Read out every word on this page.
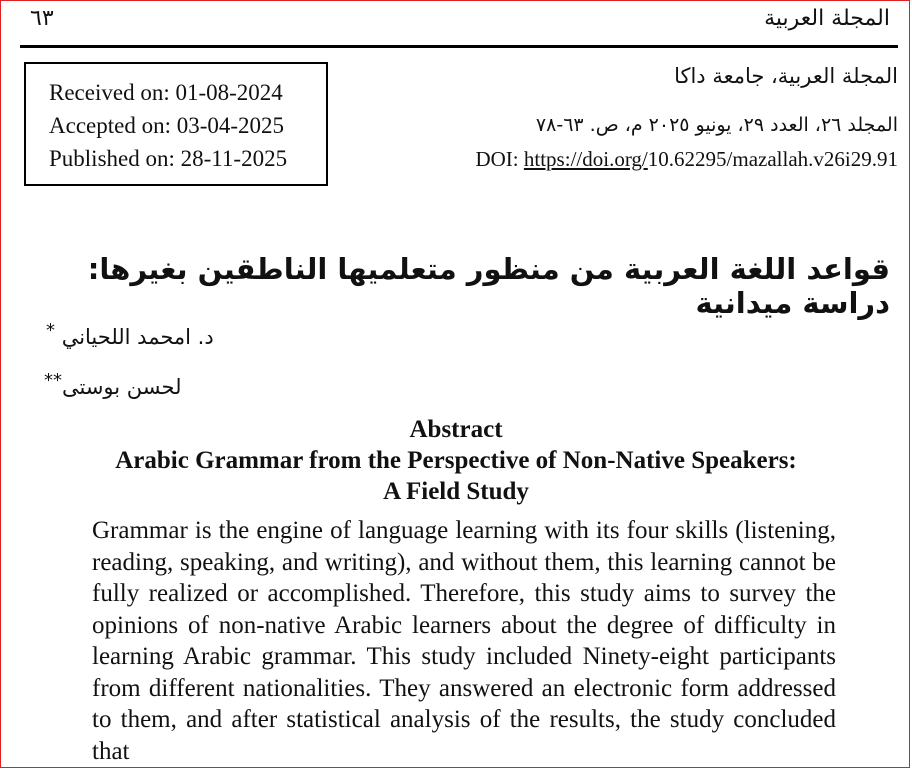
٦٣	المجلة العربية
Received on: 01-08-2024
Accepted on: 03-04-2025
Published on: 28-11-2025
المجلة العربية، جامعة داكا
المجلد ٢٦، العدد ٢٩، يونيو ٢٠٢٥ م، ص. ٦٣-٧٨
DOI: https://doi.org/10.62295/mazallah.v26i29.91
قواعد اللغة العربية من منظور متعلميها الناطقين بغيرها: دراسة ميدانية
د. امحمد اللحياني *
لحسن بوستى**
Abstract
Arabic Grammar from the Perspective of Non-Native Speakers:
A Field Study
Grammar is the engine of language learning with its four skills (listening, reading, speaking, and writing), and without them, this learning cannot be fully realized or accomplished. Therefore, this study aims to survey the opinions of non-native Arabic learners about the degree of difficulty in learning Arabic grammar. This study included Ninety-eight participants from different nationalities. They answered an electronic form addressed to them, and after statistical analysis of the results, the study concluded that
